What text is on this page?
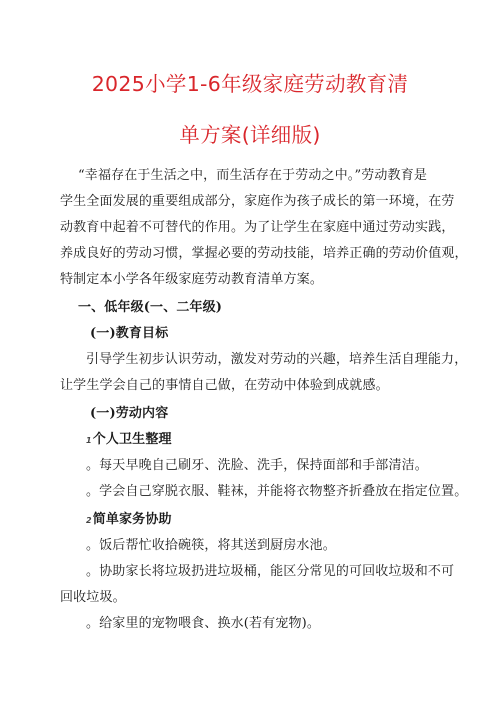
2025小学1-6年级家庭劳动教育清
单方案(详细版)
“幸福存在于生活之中，而生活存在于劳动之中。”劳动教育是
学生全面发展的重要组成部分，家庭作为孩子成长的第一环境，在劳
动教育中起着不可替代的作用。为了让学生在家庭中通过劳动实践，
养成良好的劳动习惯，掌握必要的劳动技能，培养正确的劳动价值观，
特制定本小学各年级家庭劳动教育清单方案。
一、低年级(一、二年级)
(一)教育目标
引导学生初步认识劳动，激发对劳动的兴趣，培养生活自理能力，
让学生学会自己的事情自己做，在劳动中体验到成就感。
(一)劳动内容
1个人卫生整理
。每天早晚自己刷牙、洗脸、洗手，保持面部和手部清洁。
。学会自己穿脱衣服、鞋袜，并能将衣物整齐折叠放在指定位置。
2简单家务协助
。饭后帮忙收拾碗筷，将其送到厨房水池。
。协助家长将垃圾扔进垃圾桶，能区分常见的可回收垃圾和不可
回收垃圾。
。给家里的宠物喂食、换水(若有宠物)。
